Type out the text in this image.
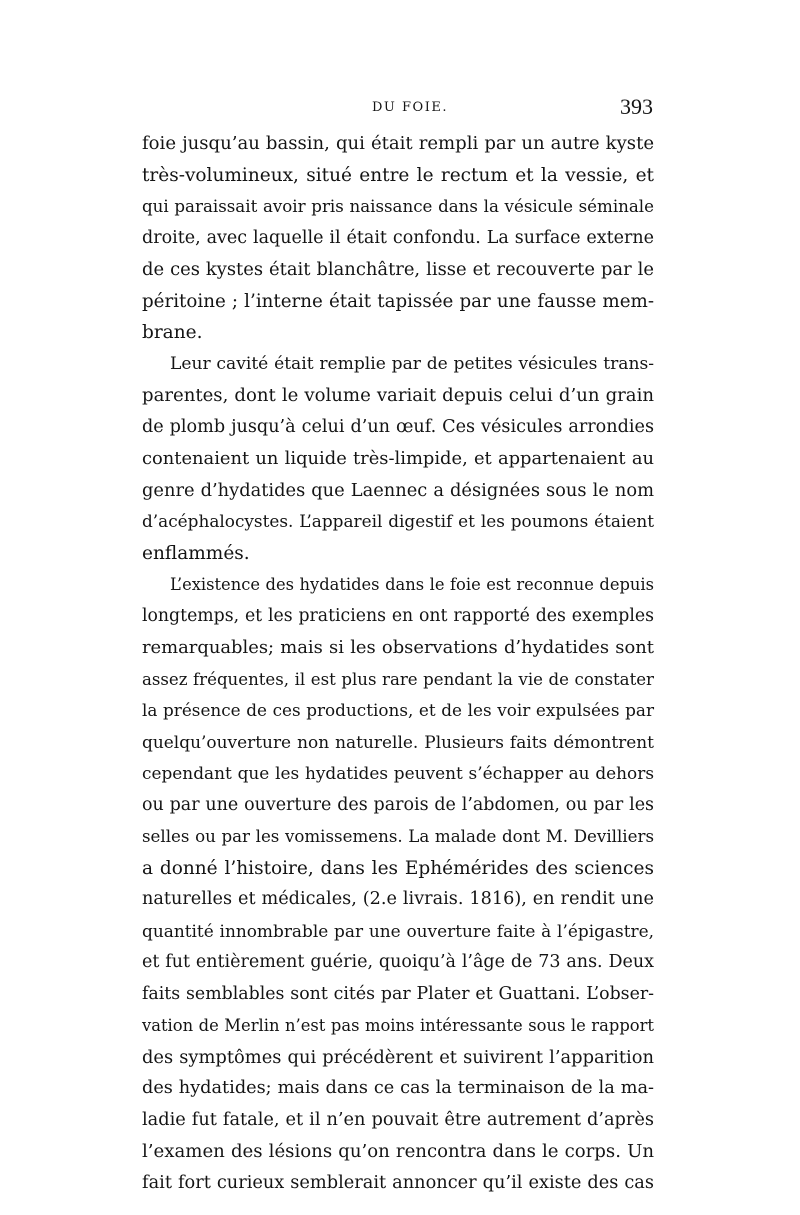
DU FOIE.	393
foie jusqu’au bassin, qui était rempli par un autre kyste
très-volumineux, situé entre le rectum et la vessie, et
qui paraissait avoir pris naissance dans la vésicule séminale
droite, avec laquelle il était confondu. La surface externe
de ces kystes était blanchâtre, lisse et recouverte par le
péritoine ; l’interne était tapissée par une fausse mem-
brane.
Leur cavité était remplie par de petites vésicules trans-
parentes, dont le volume variait depuis celui d’un grain
de plomb jusqu’à celui d’un œuf. Ces vésicules arrondies
contenaient un liquide très-limpide, et appartenaient au
genre d’hydatides que Laennec a désignées sous le nom
d’acéphalocystes. L’appareil digestif et les poumons étaient
enflammés.
L’existence des hydatides dans le foie est reconnue depuis
longtemps, et les praticiens en ont rapporté des exemples
remarquables; mais si les observations d’hydatides sont
assez fréquentes, il est plus rare pendant la vie de constater
la présence de ces productions, et de les voir expulsées par
quelqu’ouverture non naturelle. Plusieurs faits démontrent
cependant que les hydatides peuvent s’échapper au dehors
ou par une ouverture des parois de l’abdomen, ou par les
selles ou par les vomissemens. La malade dont M. Devilliers
a donné l’histoire, dans les Ephémérides des sciences
naturelles et médicales, (2.e livrais. 1816), en rendit une
quantité innombrable par une ouverture faite à l’épigastre,
et fut entièrement guérie, quoiqu’à l’âge de 73 ans. Deux
faits semblables sont cités par Plater et Guattani. L’obser-
vation de Merlin n’est pas moins intéressante sous le rapport
des symptômes qui précédèrent et suivirent l’apparition
des hydatides; mais dans ce cas la terminaison de la ma-
ladie fut fatale, et il n’en pouvait être autrement d’après
l’examen des lésions qu’on rencontra dans le corps. Un
fait fort curieux semblerait annoncer qu’il existe des cas
